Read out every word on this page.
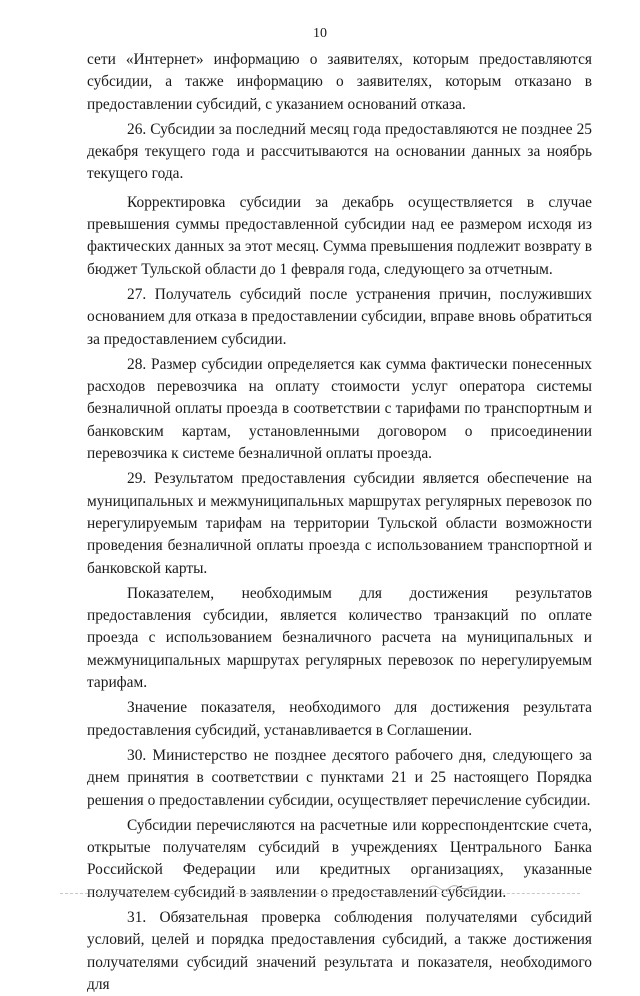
10

сети «Интернет» информацию о заявителях, которым предоставляются субсидии, а также информацию о заявителях, которым отказано в предоставлении субсидий, с указанием оснований отказа.

26. Субсидии за последний месяц года предоставляются не позднее 25 декабря текущего года и рассчитываются на основании данных за ноябрь текущего года.

Корректировка субсидии за декабрь осуществляется в случае превышения суммы предоставленной субсидии над ее размером исходя из фактических данных за этот месяц. Сумма превышения подлежит возврату в бюджет Тульской области до 1 февраля года, следующего за отчетным.

27. Получатель субсидий после устранения причин, послуживших основанием для отказа в предоставлении субсидии, вправе вновь обратиться за предоставлением субсидии.

28. Размер субсидии определяется как сумма фактически понесенных расходов перевозчика на оплату стоимости услуг оператора системы безналичной оплаты проезда в соответствии с тарифами по транспортным и банковским картам, установленными договором о присоединении перевозчика к системе безналичной оплаты проезда.

29. Результатом предоставления субсидии является обеспечение на муниципальных и межмуниципальных маршрутах регулярных перевозок по нерегулируемым тарифам на территории Тульской области возможности проведения безналичной оплаты проезда с использованием транспортной и банковской карты.

Показателем, необходимым для достижения результатов предоставления субсидии, является количество транзакций по оплате проезда с использованием безналичного расчета на муниципальных и межмуниципальных маршрутах регулярных перевозок по нерегулируемым тарифам.

Значение показателя, необходимого для достижения результата предоставления субсидий, устанавливается в Соглашении.

30. Министерство не позднее десятого рабочего дня, следующего за днем принятия в соответствии с пунктами 21 и 25 настоящего Порядка решения о предоставлении субсидии, осуществляет перечисление субсидии.

Субсидии перечисляются на расчетные или корреспондентские счета, открытые получателям субсидий в учреждениях Центрального Банка Российской Федерации или кредитных организациях, указанные получателем субсидий в заявлении о предоставлении субсидии.

31. Обязательная проверка соблюдения получателями субсидий условий, целей и порядка предоставления субсидий, а также достижения получателями субсидий значений результата и показателя, необходимого для
